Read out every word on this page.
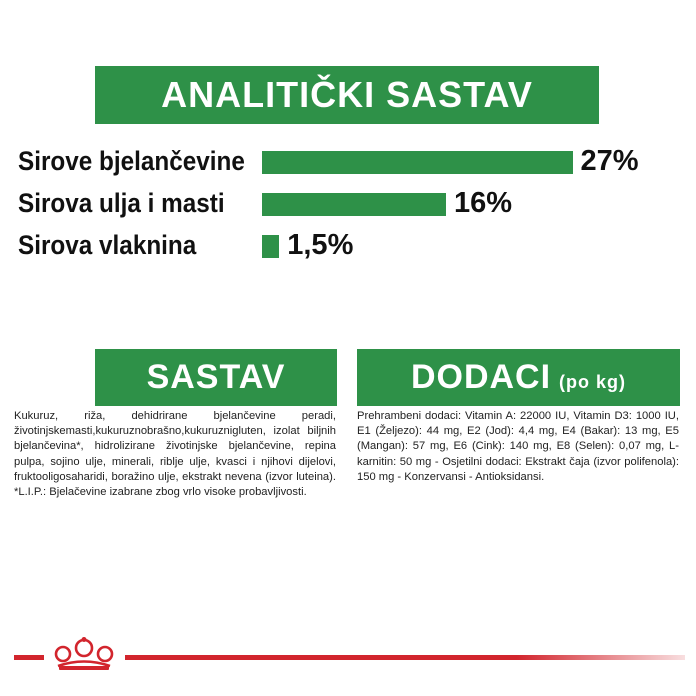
ANALITIČKI SASTAV
Sirove bjelančevine	27%
Sirova ulja i masti	16%
Sirova vlaknina	1,5%
SASTAV	DODACI (po kg)
Kukuruz, riža, dehidrirane bjelančevine peradi, životinjskemasti,kukuruznobrašno,kukuruznigluten, izolat biljnih bjelančevina*, hidrolizirane životinjske bjelančevine, repina pulpa, sojino ulje, minerali, riblje ulje, kvasci i njihovi dijelovi, fruktooligosaharidi, boražino ulje, ekstrakt nevena (izvor luteina). *L.I.P.: Bjelačevine izabrane zbog vrlo visoke probavljivosti.
Prehrambeni dodaci: Vitamin A: 22000 IU, Vitamin D3: 1000 IU, E1 (Željezo): 44 mg, E2 (Jod): 4,4 mg, E4 (Bakar): 13 mg, E5 (Mangan): 57 mg, E6 (Cink): 140 mg, E8 (Selen): 0,07 mg, L-karnitin: 50 mg - Osjetilni dodaci: Ekstrakt čaja (izvor polifenola): 150 mg - Konzervansi - Antioksidansi.
